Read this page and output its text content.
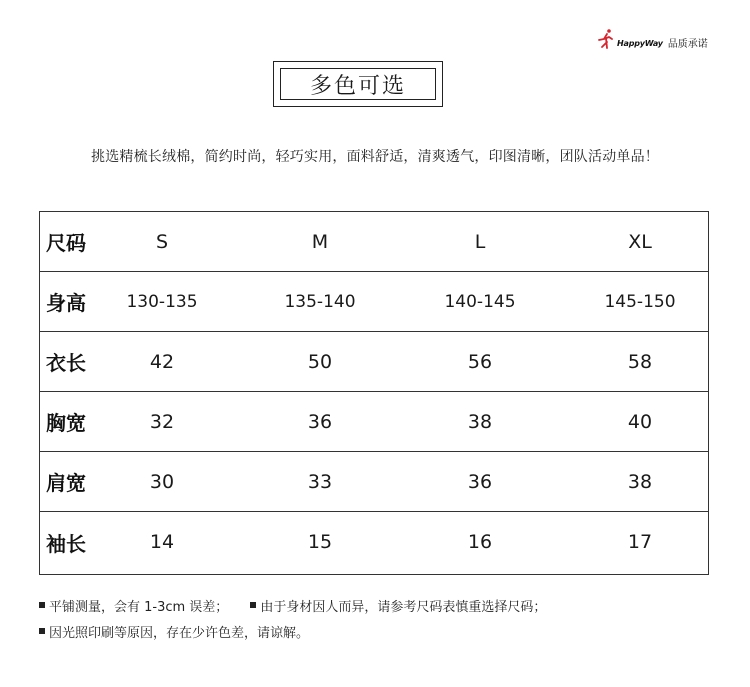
HappyWay 品质承诺
多色可选
挑选精梳长绒棉，简约时尚，轻巧实用，面料舒适，清爽透气，印图清晰，团队活动单品！
尺码	S	M	L	XL
身高	130-135	135-140	140-145	145-150
衣长	42	50	56	58
胸宽	32	36	38	40
肩宽	30	33	36	38
袖长	14	15	16	17
平铺测量，会有 1-3cm 误差； 由于身材因人而异，请参考尺码表慎重选择尺码；
因光照印刷等原因，存在少许色差，请谅解。
